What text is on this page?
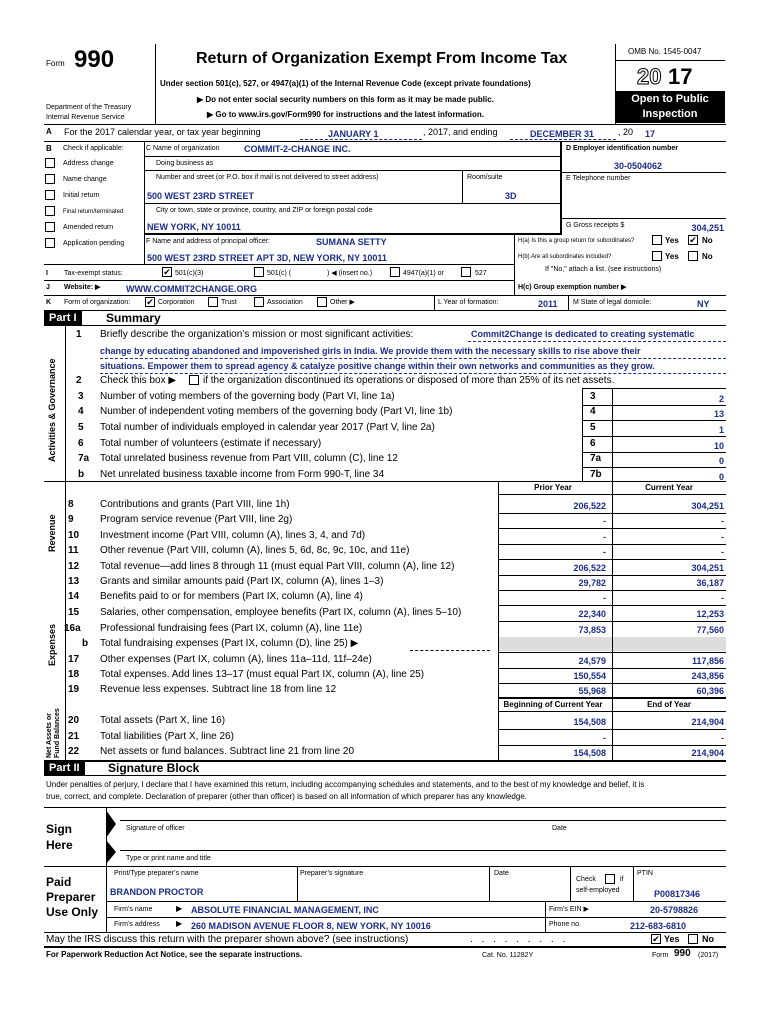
Form 990
Department of the Treasury
Internal Revenue Service
Return of Organization Exempt From Income Tax
Under section 501(c), 527, or 4947(a)(1) of the Internal Revenue Code (except private foundations)
▶ Do not enter social security numbers on this form as it may be made public.
▶ Go to www.irs.gov/Form990 for instructions and the latest information.
OMB No. 1545-0047
20 17
Open to Public
Inspection
A For the 2017 calendar year, or tax year beginning	JANUARY 1	, 2017, and ending	DECEMBER 31	, 20 17
B Check if applicable:
Address change
Name change
Initial return
Final return/terminated
Amended return
Application pending
C Name of organization	COMMIT-2-CHANGE INC.
Doing business as
Number and street (or P.O. box if mail is not delivered to street address)	Room/suite
500 WEST 23RD STREET	3D
City or town, state or province, country, and ZIP or foreign postal code
NEW YORK, NY 10011
D Employer identification number
30-0504062
E Telephone number
G Gross receipts $	304,251
F Name and address of principal officer:	SUMANA SETTY
500 WEST 23RD STREET APT 3D, NEW YORK, NY 10011
H(a) Is this a group return for subordinates?	Yes ✔ No
H(b) Are all subordinates included?	Yes	No
If "No," attach a list. (see instructions)
I Tax-exempt status:	✔ 501(c)(3)	501(c) (	) ◀ (insert no.)	4947(a)(1) or	527
J Website: ▶	WWW.COMMIT2CHANGE.ORG	H(c) Group exemption number ▶
K Form of organization: ✔ Corporation	Trust	Association	Other ▶	L Year of formation:	2011 M State of legal domicile:	NY
Part I	Summary
Activities & Governance
Revenue
Expenses
Net Assets or Fund Balances
1 Briefly describe the organization’s mission or most significant activities:	Commit2Change is dedicated to creating systematic
change by educating abandoned and impoverished girls in India. We provide them with the necessary skills to rise above their
situations. Empower them to spread agency & catalyze positive change within their own networks and communities as they grow.
2 Check this box ▶	if the organization discontinued its operations or disposed of more than 25% of its net assets.
3 Number of voting members of the governing body (Part VI, line 1a)	3	2
4 Number of independent voting members of the governing body (Part VI, line 1b)	4	13
5 Total number of individuals employed in calendar year 2017 (Part V, line 2a)	5	1
6 Total number of volunteers (estimate if necessary)	6	10
7a Total unrelated business revenue from Part VIII, column (C), line 12	7a	0
b Net unrelated business taxable income from Form 990-T, line 34	7b	0
Prior Year	Current Year
8	Contributions and grants (Part VIII, line 1h)	206,522	304,251
9	Program service revenue (Part VIII, line 2g)	-	-
10 Investment income (Part VIII, column (A), lines 3, 4, and 7d)	-	-
11 Other revenue (Part VIII, column (A), lines 5, 6d, 8c, 9c, 10c, and 11e)	-	-
12 Total revenue—add lines 8 through 11 (must equal Part VIII, column (A), line 12)	206,522	304,251
13 Grants and similar amounts paid (Part IX, column (A), lines 1–3)	29,782	36,187
14 Benefits paid to or for members (Part IX, column (A), line 4)	-	-
15 Salaries, other compensation, employee benefits (Part IX, column (A), lines 5–10)	22,340	12,253
16a Professional fundraising fees (Part IX, column (A), line 11e)	73,853	77,560
b Total fundraising expenses (Part IX, column (D), line 25) ▶
17 Other expenses (Part IX, column (A), lines 11a–11d, 11f–24e)	24,579	117,856
18 Total expenses. Add lines 13–17 (must equal Part IX, column (A), line 25)	150,554	243,856
19 Revenue less expenses. Subtract line 18 from line 12	55,968	60,396
Beginning of Current Year	End of Year
20 Total assets (Part X, line 16)	154,508	214,904
21 Total liabilities (Part X, line 26)	-	-
22 Net assets or fund balances. Subtract line 21 from line 20	154,508	214,904
Part II	Signature Block
Under penalties of perjury, I declare that I have examined this return, including accompanying schedules and statements, and to the best of my knowledge and belief, it is
true, correct, and complete. Declaration of preparer (other than officer) is based on all information of which preparer has any knowledge.
Sign
Here
Signature of officer	Date
Type or print name and title
Paid
Preparer
Use Only
Print/Type preparer’s name	Preparer’s signature	Date
Check	if
self-employed
PTIN
BRANDON PROCTOR	P00817346
Firm’s name	▶ ABSOLUTE FINANCIAL MANAGEMENT, INC	Firm’s EIN ▶	20-5798826
Firm’s address ▶ 260 MADISON AVENUE FLOOR 8, NEW YORK, NY 10016	Phone no.	212-683-6810
May the IRS discuss this return with the preparer shown above? (see instructions)	. . . . . . . . .	✔ Yes No
For Paperwork Reduction Act Notice, see the separate instructions.	Cat. No. 11282Y	Form 990 (2017)
